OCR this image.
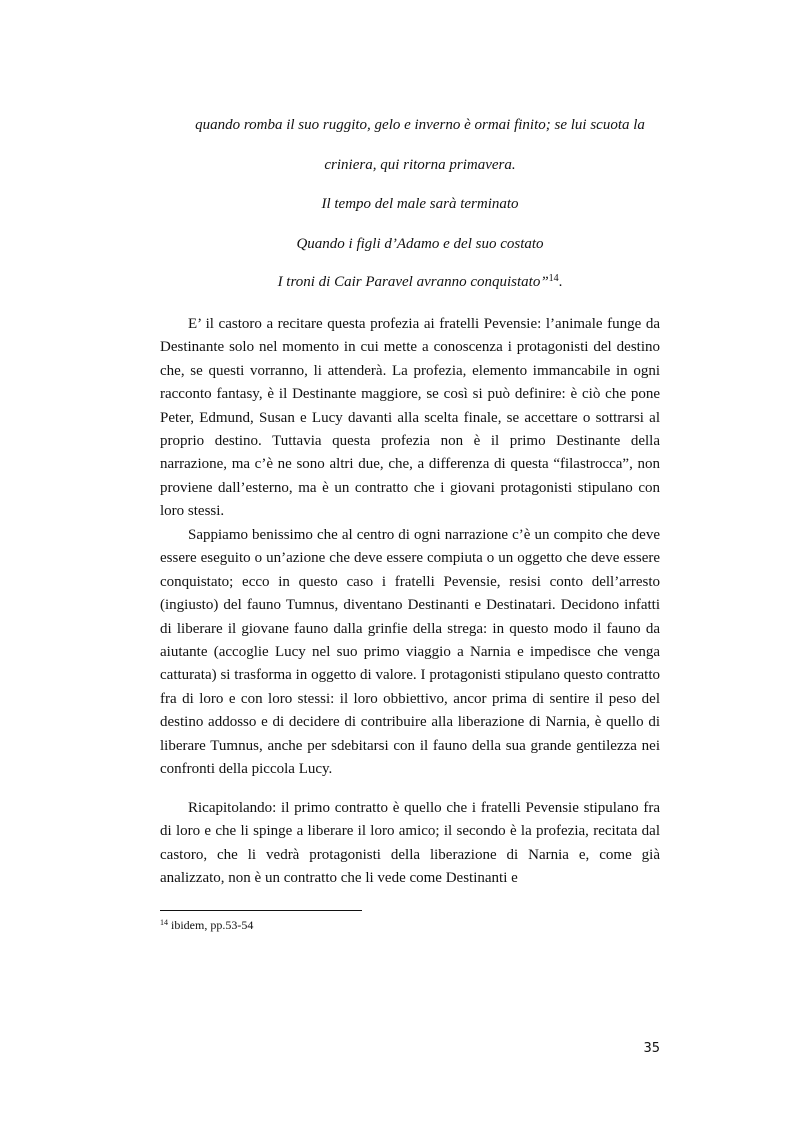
quando romba il suo ruggito, gelo e inverno è ormai finito; se lui scuota la
criniera, qui ritorna primavera.
Il tempo del male sarà terminato
Quando i figli d’Adamo e del suo costato
I troni di Cair Paravel avranno conquistato”$^{14}$.

E’ il castoro a recitare questa profezia ai fratelli Pevensie: l’animale funge da Destinante solo nel momento in cui mette a conoscenza i protagonisti del destino che, se questi vorranno, li attenderà. La profezia, elemento immancabile in ogni racconto fantasy, è il Destinante maggiore, se così si può definire: è ciò che pone Peter, Edmund, Susan e Lucy davanti alla scelta finale, se accettare o sottrarsi al proprio destino. Tuttavia questa profezia non è il primo Destinante della narrazione, ma c’è ne sono altri due, che, a differenza di questa “filastrocca”, non proviene dall’esterno, ma è un contratto che i giovani protagonisti stipulano con loro stessi.

Sappiamo benissimo che al centro di ogni narrazione c’è un compito che deve essere eseguito o un’azione che deve essere compiuta o un oggetto che deve essere conquistato; ecco in questo caso i fratelli Pevensie, resisi conto dell’arresto (ingiusto) del fauno Tumnus, diventano Destinanti e Destinatari. Decidono infatti di liberare il giovane fauno dalla grinfie della strega: in questo modo il fauno da aiutante (accoglie Lucy nel suo primo viaggio a Narnia e impedisce che venga catturata) si trasforma in oggetto di valore. I protagonisti stipulano questo contratto fra di loro e con loro stessi: il loro obbiettivo, ancor prima di sentire il peso del destino addosso e di decidere di contribuire alla liberazione di Narnia, è quello di liberare Tumnus, anche per sdebitarsi con il fauno della sua grande gentilezza nei confronti della piccola Lucy.

Ricapitolando: il primo contratto è quello che i fratelli Pevensie stipulano fra di loro e che li spinge a liberare il loro amico; il secondo è la profezia, recitata dal castoro, che li vedrà protagonisti della liberazione di Narnia e, come già analizzato, non è un contratto che li vede come Destinanti e

$^{14}$ ibidem, pp.53-54
35
